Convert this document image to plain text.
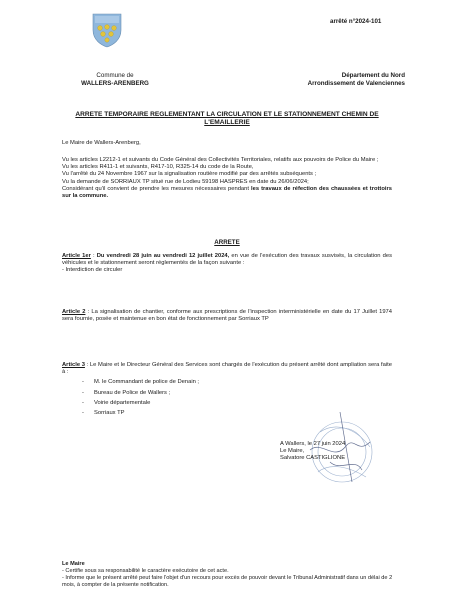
arrêté n°2024-101
Commune de
WALLERS-ARENBERG
Département du Nord
Arrondissement de Valenciennes
ARRETE TEMPORAIRE REGLEMENTANT LA CIRCULATION ET LE STATIONNEMENT CHEMIN DE L'EMAILLERIE
Le Maire de Wallers-Arenberg,
Vu les articles L2212-1 et suivants du Code Général des Collectivités Territoriales, relatifs aux pouvoirs de Police du Maire ;
Vu les articles R411-1 et suivants, R417-10, R325-14 du code de la Route,
Vu l'arrêté du 24 Novembre 1967 sur la signalisation routière modifié par des arrêtés subséquents ;
Vu la demande de SORRIAUX TP situé rue de Lodieu 59198 HASPRES en date du 26/06/2024;
Considérant qu'il convient de prendre les mesures nécessaires pendant les travaux de réfection des chaussées et trottoirs sur la commune.
ARRETE
Article 1er : Du vendredi 28 juin au vendredi 12 juillet 2024, en vue de l'exécution des travaux susvisés, la circulation des véhicules et le stationnement seront réglementés de la façon suivante :
- Interdiction de circuler
Article 2 : La signalisation de chantier, conforme aux prescriptions de l'inspection interministérielle en date du 17 Juillet 1974 sera fournie, posée et maintenue en bon état de fonctionnement par Sorriaux TP
Article 3 : Le Maire et le Directeur Général des Services sont chargés de l'exécution du présent arrêté dont ampliation sera faite à :
- M. le Commandant de police de Denain ;
- Bureau de Police de Wallers ;
- Voirie départementale
- Sorriaux TP
A Wallers, le 27 juin 2024
Le Maire,
Salvatore CASTIGLIONE
Le Maire
- Certifie sous sa responsabilité le caractère exécutoire de cet acte.
- Informe que le présent arrêté peut faire l'objet d'un recours pour excès de pouvoir devant le Tribunal Administratif dans un délai de 2 mois, à compter de la présente notification.
